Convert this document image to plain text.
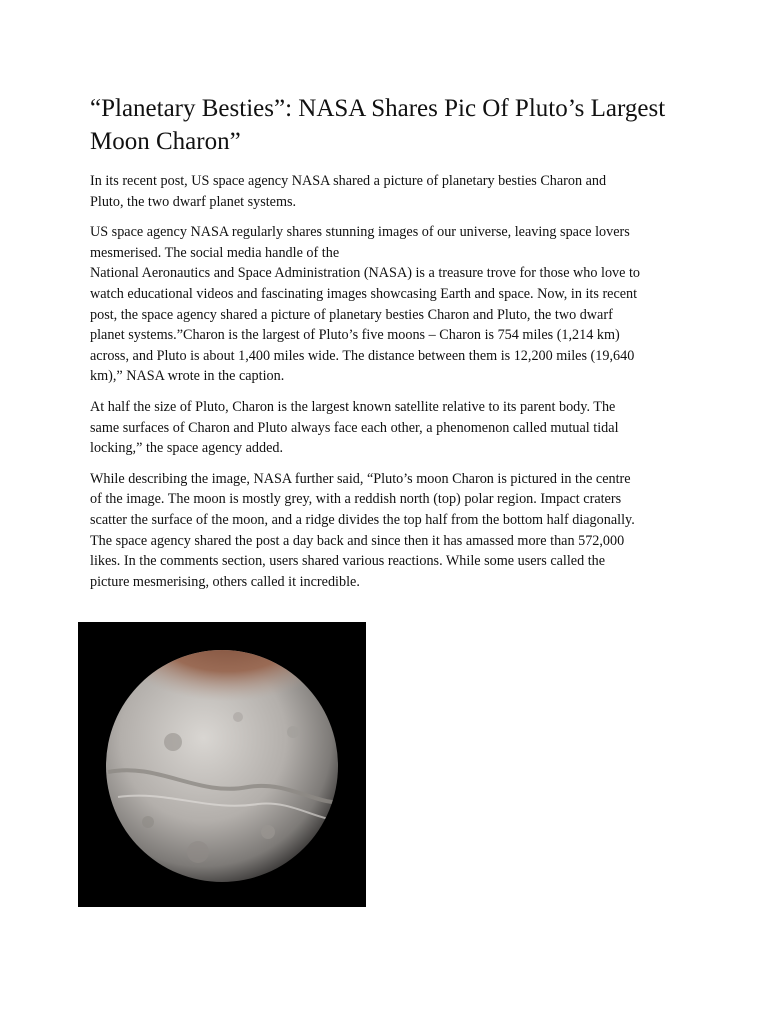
“Planetary Besties”: NASA Shares Pic Of Pluto’s Largest
Moon Charon”

In its recent post, US space agency NASA shared a picture of planetary besties Charon and
Pluto, the two dwarf planet systems.

US space agency NASA regularly shares stunning images of our universe, leaving space lovers
mesmerised. The social media handle of the
National Aeronautics and Space Administration (NASA) is a treasure trove for those who love to
watch educational videos and fascinating images showcasing Earth and space. Now, in its recent
post, the space agency shared a picture of planetary besties Charon and Pluto, the two dwarf
planet systems.”Charon is the largest of Pluto’s five moons – Charon is 754 miles (1,214 km)
across, and Pluto is about 1,400 miles wide. The distance between them is 12,200 miles (19,640
km),” NASA wrote in the caption.

At half the size of Pluto, Charon is the largest known satellite relative to its parent body. The
same surfaces of Charon and Pluto always face each other, a phenomenon called mutual tidal
locking,” the space agency added.

While describing the image, NASA further said, “Pluto’s moon Charon is pictured in the centre
of the image. The moon is mostly grey, with a reddish north (top) polar region. Impact craters
scatter the surface of the moon, and a ridge divides the top half from the bottom half diagonally.
The space agency shared the post a day back and since then it has amassed more than 572,000
likes. In the comments section, users shared various reactions. While some users called the
picture mesmerising, others called it incredible.
